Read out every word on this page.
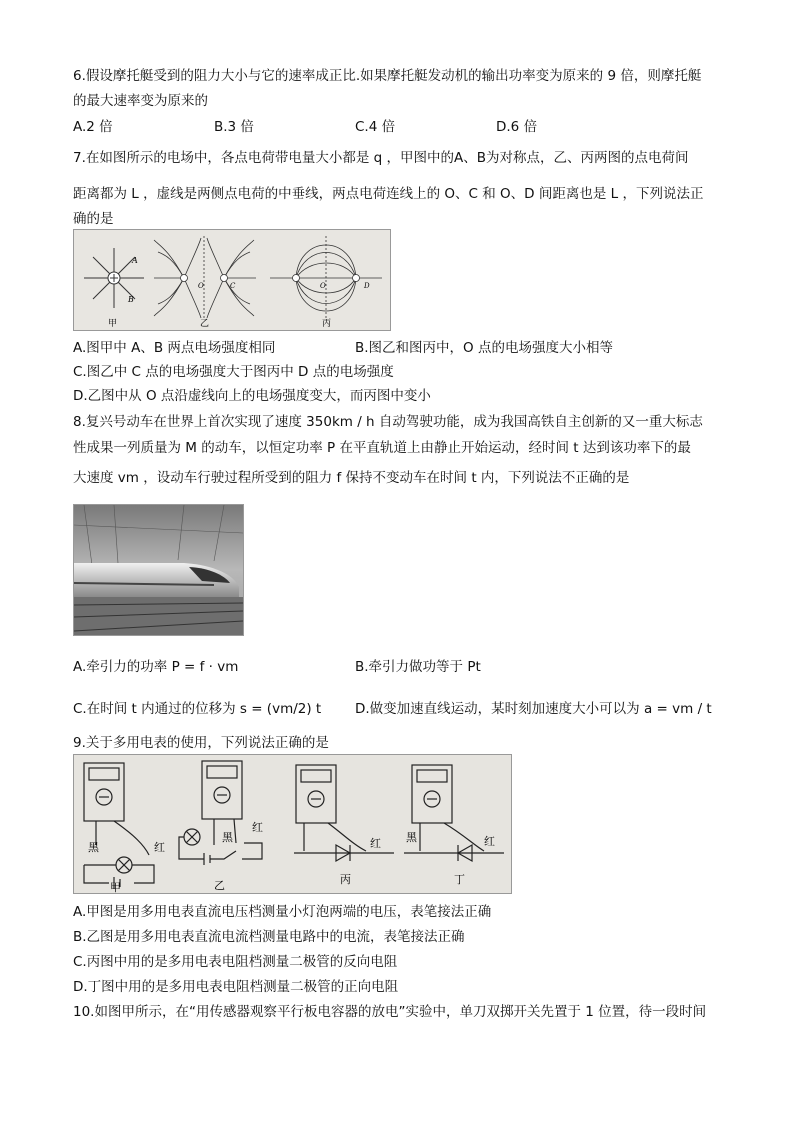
6.假设摩托艇受到的阻力大小与它的速率成正比.如果摩托艇发动机的输出功率变为原来的 9 倍，则摩托艇
的最大速率变为原来的
A.2 倍	B.3 倍	C.4 倍	D.6 倍
7.在如图所示的电场中，各点电荷带电量大小都是 q ，甲图中的A、B为对称点，乙、丙两图的点电荷间
距离都为 L ，虚线是两侧点电荷的中垂线，两点电荷连线上的 O、C 和 O、D 间距离也是 L ，下列说法正
确的是
A
B
甲
O	C
乙
O	D
丙
A.图甲中 A、B 两点电场强度相同	B.图乙和图丙中，O 点的电场强度大小相等
C.图乙中 C 点的电场强度大于图丙中 D 点的电场强度
D.乙图中从 O 点沿虚线向上的电场强度变大，而丙图中变小
8.复兴号动车在世界上首次实现了速度 350km / h 自动驾驶功能，成为我国高铁自主创新的又一重大标志
性成果一列质量为 M 的动车，以恒定功率 P 在平直轨道上由静止开始运动，经时间 t 达到该功率下的最
大速度 vm ，设动车行驶过程所受到的阻力 f 保持不变动车在时间 t 内，下列说法不正确的是
A.牵引力的功率 P = f · vm	B.牵引力做功等于 Pt
C.在时间 t 内通过的位移为 s = (vm/2) t	D.做变加速直线运动，某时刻加速度大小可以为 a = vm / t
9.关于多用电表的使用，下列说法正确的是
黑	红
甲
黑
红
乙
红
丙
黑	红
丁
A.甲图是用多用电表直流电压档测量小灯泡两端的电压，表笔接法正确
B.乙图是用多用电表直流电流档测量电路中的电流，表笔接法正确
C.丙图中用的是多用电表电阻档测量二极管的反向电阻
D.丁图中用的是多用电表电阻档测量二极管的正向电阻
10.如图甲所示，在“用传感器观察平行板电容器的放电”实验中，单刀双掷开关先置于 1 位置，待一段时间
